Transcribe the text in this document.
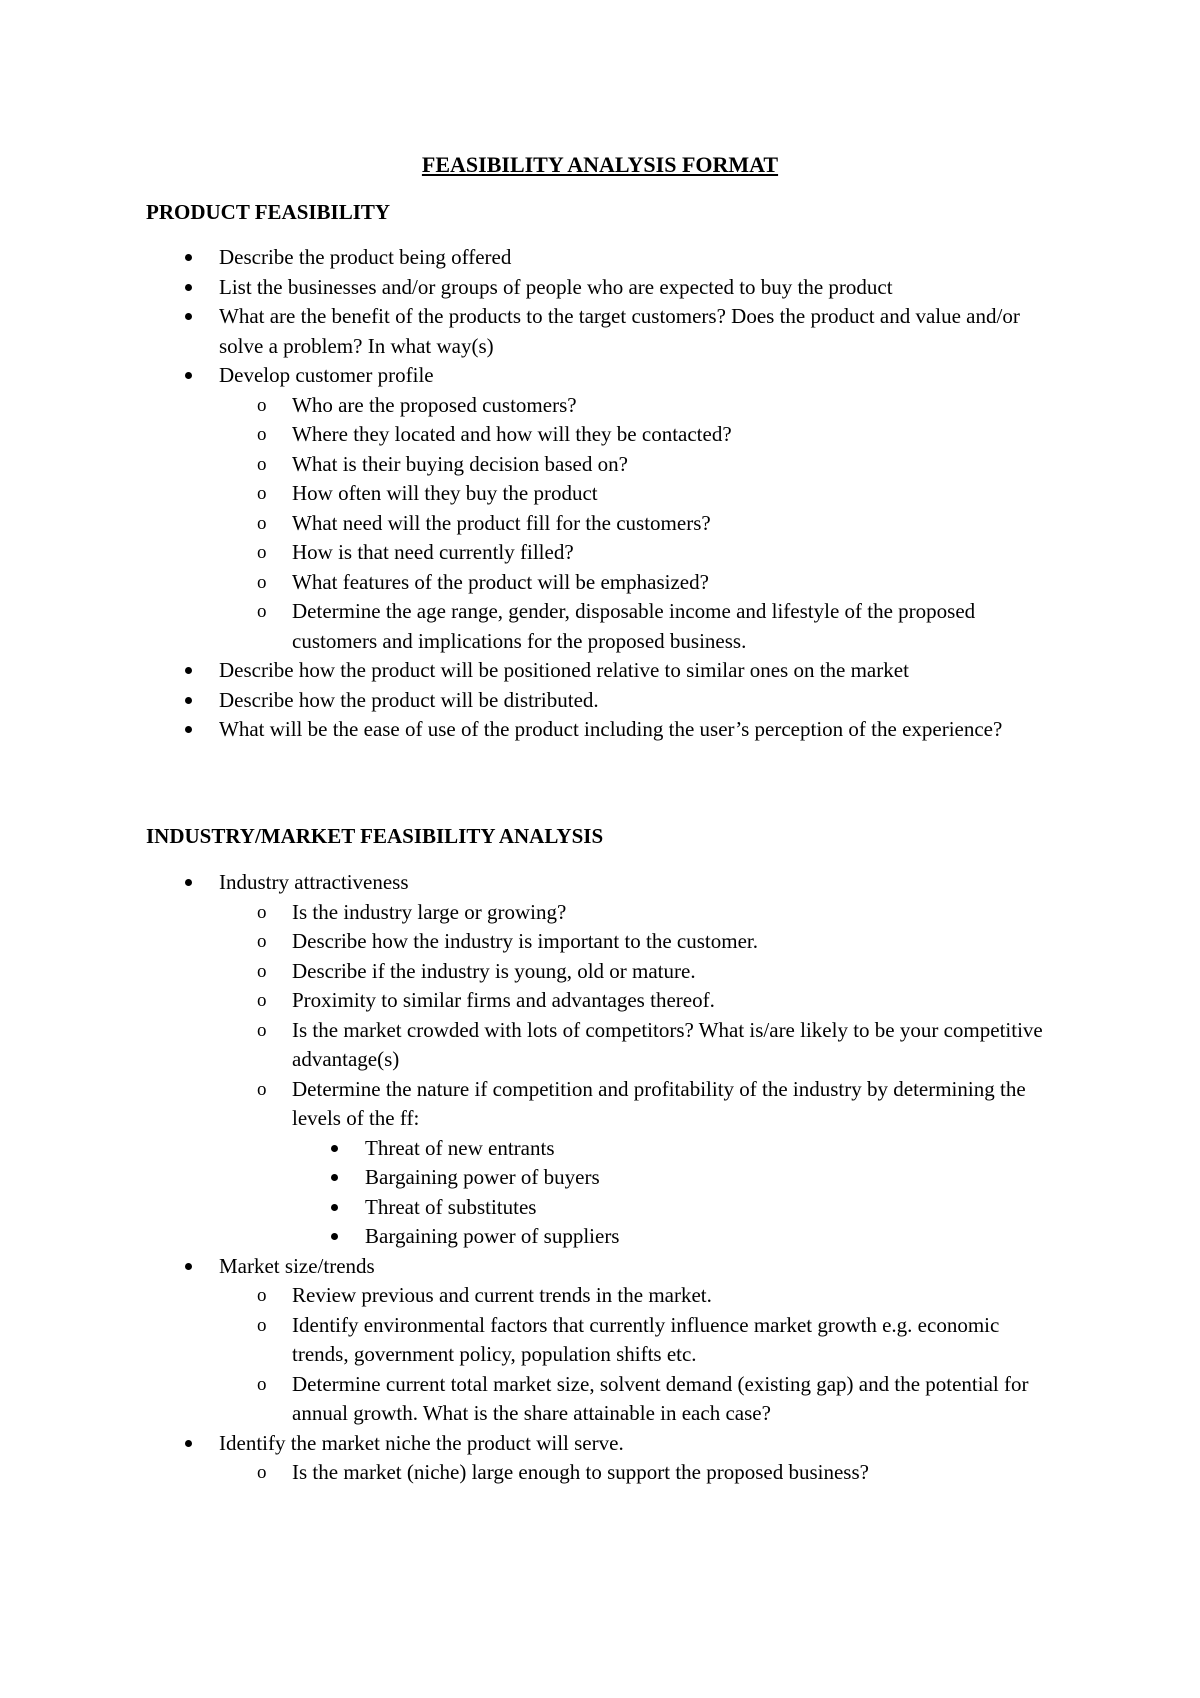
FEASIBILITY ANALYSIS FORMAT
PRODUCT FEASIBILITY
Describe the product being offered
List the businesses and/or groups of people who are expected to buy the product
What are the benefit of the products to the target customers? Does the product and value and/or solve a problem? In what way(s)
Develop customer profile
o Who are the proposed customers?
o Where they located and how will they be contacted?
o What is their buying decision based on?
o How often will they buy the product
o What need will the product fill for the customers?
o How is that need currently filled?
o What features of the product will be emphasized?
o Determine the age range, gender, disposable income and lifestyle of the proposed customers and implications for the proposed business.
Describe how the product will be positioned relative to similar ones on the market
Describe how the product will be distributed.
What will be the ease of use of the product including the user’s perception of the experience?
INDUSTRY/MARKET FEASIBILITY ANALYSIS
Industry attractiveness
o Is the industry large or growing?
o Describe how the industry is important to the customer.
o Describe if the industry is young, old or mature.
o Proximity to similar firms and advantages thereof.
o Is the market crowded with lots of competitors? What is/are likely to be your competitive advantage(s)
o Determine the nature if competition and profitability of the industry by determining the levels of the ff:
Threat of new entrants
Bargaining power of buyers
Threat of substitutes
Bargaining power of suppliers
Market size/trends
o Review previous and current trends in the market.
o Identify environmental factors that currently influence market growth e.g. economic trends, government policy, population shifts etc.
o Determine current total market size, solvent demand (existing gap) and the potential for annual growth. What is the share attainable in each case?
Identify the market niche the product will serve.
o Is the market (niche) large enough to support the proposed business?
